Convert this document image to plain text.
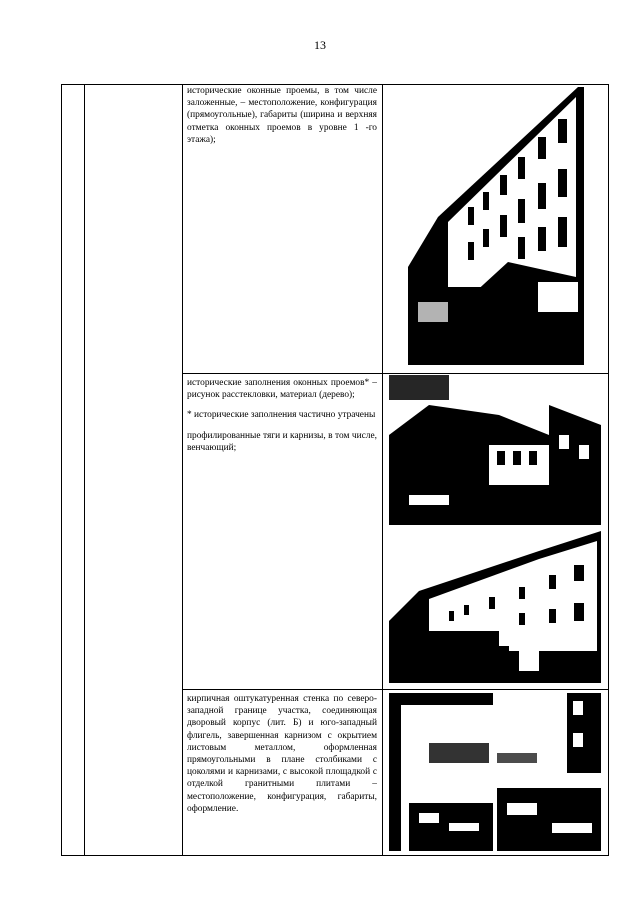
13

исторические оконные проемы, в том числе заложенные, – местоположение, конфигурация (прямоугольные), габариты (ширина и верхняя отметка оконных проемов в уровне 1 -го этажа);

исторические заполнения оконных проемов* – рисунок расстекловки, материал (дерево);

* исторические заполнения частично утрачены

профилированные тяги и карнизы, в том числе, венчающий;

кирпичная оштукатуренная стенка по северо-западной границе участка, соединяющая дворовый корпус (лит. Б) и юго-западный флигель, завершенная карнизом с окрытием листовым металлом, оформленная прямоугольными в плане столбиками с цоколями и карнизами, с высокой площадкой с отделкой гранитными плитами – местоположение, конфигурация, габариты, оформление.
